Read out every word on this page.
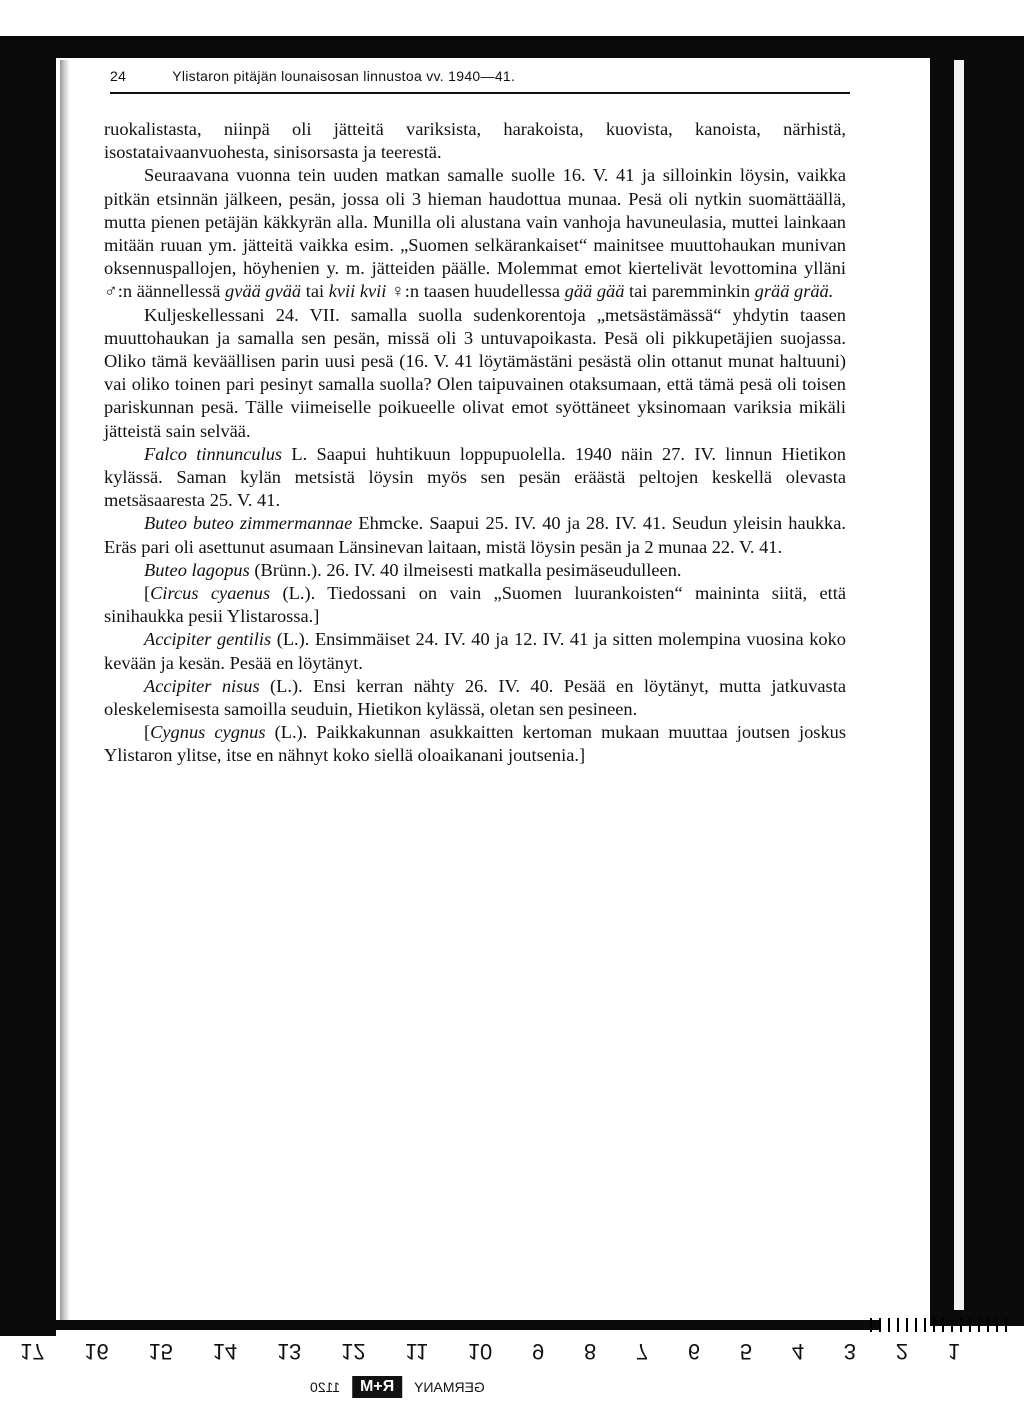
24	Ylistaron pitäjän lounaisosan linnustoa vv. 1940—41.

ruokalistasta, niinpä oli jätteitä variksista, harakoista, kuovista, kanoista, närhistä, isostataivaanvuohesta, sinisorsasta ja teerestä.

Seuraavana vuonna tein uuden matkan samalle suolle 16. V. 41 ja silloinkin löysin, vaikka pitkän etsinnän jälkeen, pesän, jossa oli 3 hieman haudottua munaa. Pesä oli nytkin suomättäällä, mutta pienen petäjän käkkyrän alla. Munilla oli alustana vain vanhoja havuneulasia, muttei lainkaan mitään ruuan ym. jätteitä vaikka esim. „Suomen selkärankaiset“ mainitsee muuttohaukan munivan oksennuspallojen, höyhenien y. m. jätteiden päälle. Molemmat emot kiertelivät levottomina ylläni ♂:n äännellessä gvää gvää tai kvii kvii ♀:n taasen huudellessa gää gää tai paremminkin grää grää.

Kuljeskellessani 24. VII. samalla suolla sudenkorentoja „metsästämässä“ yhdytin taasen muuttohaukan ja samalla sen pesän, missä oli 3 untuvapoikasta. Pesä oli pikkupetäjien suojassa. Oliko tämä keväällisen parin uusi pesä (16. V. 41 löytämästäni pesästä olin ottanut munat haltuuni) vai oliko toinen pari pesinyt samalla suolla? Olen taipuvainen otaksumaan, että tämä pesä oli toisen pariskunnan pesä. Tälle viimeiselle poikueelle olivat emot syöttäneet yksinomaan variksia mikäli jätteistä sain selvää.

Falco tinnunculus L. Saapui huhtikuun loppupuolella. 1940 näin 27. IV. linnun Hietikon kylässä. Saman kylän metsistä löysin myös sen pesän eräästä peltojen keskellä olevasta metsäsaaresta 25. V. 41.

Buteo buteo zimmermannae Ehmcke. Saapui 25. IV. 40 ja 28. IV. 41. Seudun yleisin haukka. Eräs pari oli asettunut asumaan Länsinevan laitaan, mistä löysin pesän ja 2 munaa 22. V. 41.

Buteo lagopus (Brünn.). 26. IV. 40 ilmeisesti matkalla pesimäseudulleen.

[Circus cyaenus (L.). Tiedossani on vain „Suomen luurankoisten“ maininta siitä, että sinihaukka pesii Ylistarossa.]

Accipiter gentilis (L.). Ensimmäiset 24. IV. 40 ja 12. IV. 41 ja sitten molempina vuosina koko kevään ja kesän. Pesää en löytänyt.

Accipiter nisus (L.). Ensi kerran nähty 26. IV. 40. Pesää en löytänyt, mutta jatkuvasta oleskelemisesta samoilla seuduin, Hietikon kylässä, oletan sen pesineen.

[Cygnus cygnus (L.). Paikkakunnan asukkaitten kertoman mukaan muuttaa joutsen joskus Ylistaron ylitse, itse en nähnyt koko siellä oloaikanani joutsenia.]

17 16 15 14 13 12 11 10 9 8 7 6 5 4 3 2 1
1120	R+M	GERMANY
